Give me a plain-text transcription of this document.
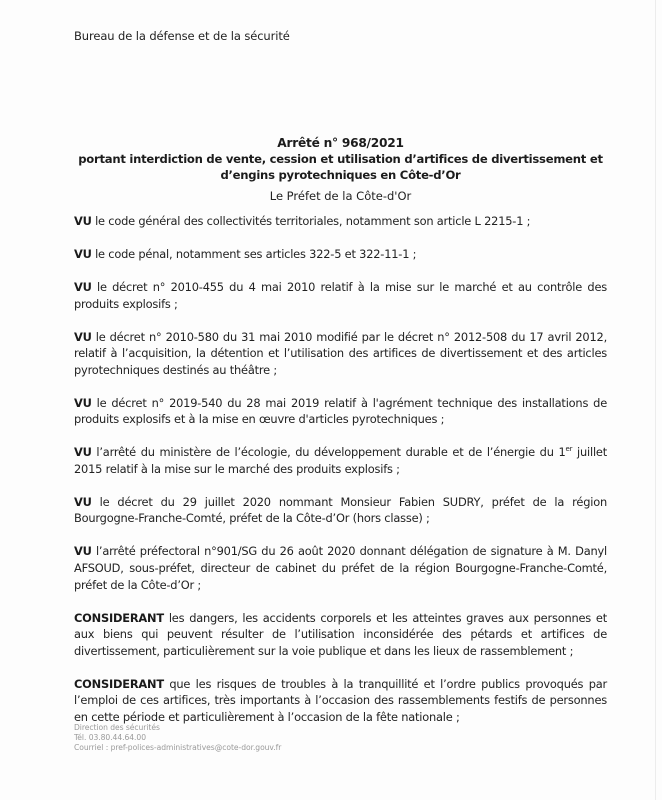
Bureau de la défense et de la sécurité
Arrêté n° 968/2021
portant interdiction de vente, cession et utilisation d’artifices de divertissement et
d’engins pyrotechniques en Côte-d’Or
Le Préfet de la Côte-d'Or

VU le code général des collectivités territoriales, notamment son article L 2215-1 ;

VU le code pénal, notamment ses articles 322-5 et 322-11-1 ;

VU le décret n° 2010-455 du 4 mai 2010 relatif à la mise sur le marché et au contrôle des produits explosifs ;

VU le décret n° 2010-580 du 31 mai 2010 modifié par le décret n° 2012-508 du 17 avril 2012, relatif à l’acquisition, la détention et l’utilisation des artifices de divertissement et des articles pyrotechniques destinés au théâtre ;

VU le décret n° 2019-540 du 28 mai 2019 relatif à l'agrément technique des installations de produits explosifs et à la mise en œuvre d'articles pyrotechniques ;

VU l’arrêté du ministère de l’écologie, du développement durable et de l’énergie du 1er juillet 2015 relatif à la mise sur le marché des produits explosifs ;

VU le décret du 29 juillet 2020 nommant Monsieur Fabien SUDRY, préfet de la région Bourgogne-Franche-Comté, préfet de la Côte-d’Or (hors classe) ;

VU l’arrêté préfectoral n°901/SG du 26 août 2020 donnant délégation de signature à M. Danyl AFSOUD, sous-préfet, directeur de cabinet du préfet de la région Bourgogne-Franche-Comté, préfet de la Côte-d’Or ;

CONSIDERANT les dangers, les accidents corporels et les atteintes graves aux personnes et aux biens qui peuvent résulter de l’utilisation inconsidérée des pétards et artifices de divertissement, particulièrement sur la voie publique et dans les lieux de rassemblement ;

CONSIDERANT que les risques de troubles à la tranquillité et l’ordre publics provoqués par l’emploi de ces artifices, très importants à l’occasion des rassemblements festifs de personnes en cette période et particulièrement à l’occasion de la fête nationale ;

Direction des sécurités
Tél. 03.80.44.64.00
Courriel : pref-polices-administratives@cote-dor.gouv.fr
